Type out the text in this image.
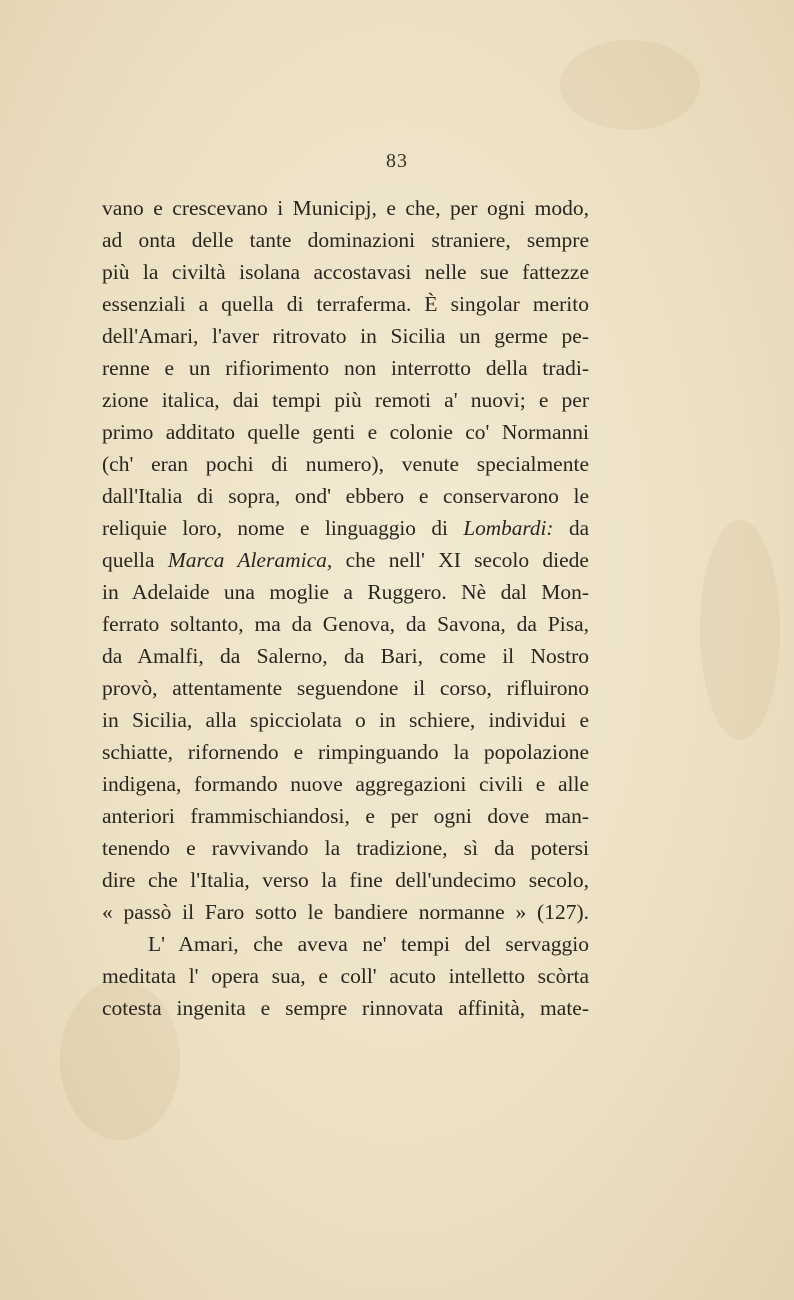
83
vano e crescevano i Municipj, e che, per ogni modo,
ad onta delle tante dominazioni straniere, sempre
più la civiltà isolana accostavasi nelle sue fattezze
essenziali a quella di terraferma. È singolar merito
dell'Amari, l'aver ritrovato in Sicilia un germe pe-
renne e un rifiorimento non interrotto della tradi-
zione italica, dai tempi più remoti a' nuovi; e per
primo additato quelle genti e colonie co' Normanni
(ch' eran pochi di numero), venute specialmente
dall'Italia di sopra, ond' ebbero e conservarono le
reliquie loro, nome e linguaggio di Lombardi: da
quella Marca Aleramica, che nell' XI secolo diede
in Adelaide una moglie a Ruggero. Nè dal Mon-
ferrato soltanto, ma da Genova, da Savona, da Pisa,
da Amalfi, da Salerno, da Bari, come il Nostro
provò, attentamente seguendone il corso, rifluirono
in Sicilia, alla spicciolata o in schiere, individui e
schiatte, rifornendo e rimpinguando la popolazione
indigena, formando nuove aggregazioni civili e alle
anteriori frammischiandosi, e per ogni dove man-
tenendo e ravvivando la tradizione, sì da potersi
dire che l'Italia, verso la fine dell'undecimo secolo,
« passò il Faro sotto le bandiere normanne » (127).
L' Amari, che aveva ne' tempi del servaggio
meditata l' opera sua, e coll' acuto intelletto scòrta
cotesta ingenita e sempre rinnovata affinità, mate-
